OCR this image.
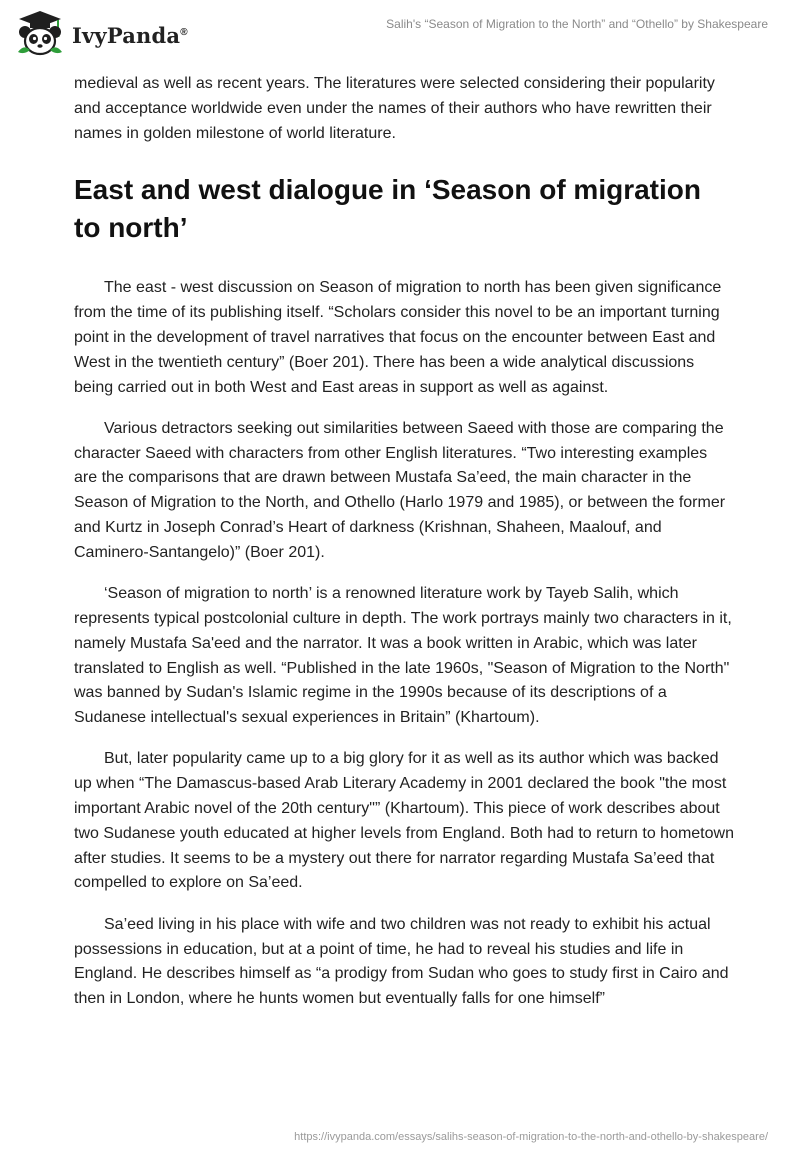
IvyPanda®
Salih's “Season of Migration to the North” and “Othello” by Shakespeare

medieval as well as recent years. The literatures were selected considering their popularity and acceptance worldwide even under the names of their authors who have rewritten their names in golden milestone of world literature.

East and west dialogue in ‘Season of migration to north’

The east - west discussion on Season of migration to north has been given significance from the time of its publishing itself. “Scholars consider this novel to be an important turning point in the development of travel narratives that focus on the encounter between East and West in the twentieth century” (Boer 201). There has been a wide analytical discussions being carried out in both West and East areas in support as well as against.

Various detractors seeking out similarities between Saeed with those are comparing the character Saeed with characters from other English literatures. “Two interesting examples are the comparisons that are drawn between Mustafa Sa’eed, the main character in the Season of Migration to the North, and Othello (Harlo 1979 and 1985), or between the former and Kurtz in Joseph Conrad’s Heart of darkness (Krishnan, Shaheen, Maalouf, and Caminero-Santangelo)” (Boer 201).

‘Season of migration to north’ is a renowned literature work by Tayeb Salih, which represents typical postcolonial culture in depth. The work portrays mainly two characters in it, namely Mustafa Sa'eed and the narrator. It was a book written in Arabic, which was later translated to English as well. “Published in the late 1960s, "Season of Migration to the North" was banned by Sudan's Islamic regime in the 1990s because of its descriptions of a Sudanese intellectual's sexual experiences in Britain” (Khartoum).

But, later popularity came up to a big glory for it as well as its author which was backed up when “The Damascus-based Arab Literary Academy in 2001 declared the book "the most important Arabic novel of the 20th century"” (Khartoum). This piece of work describes about two Sudanese youth educated at higher levels from England. Both had to return to hometown after studies. It seems to be a mystery out there for narrator regarding Mustafa Sa’eed that compelled to explore on Sa’eed.

Sa’eed living in his place with wife and two children was not ready to exhibit his actual possessions in education, but at a point of time, he had to reveal his studies and life in England. He describes himself as “a prodigy from Sudan who goes to study first in Cairo and then in London, where he hunts women but eventually falls for one himself”

https://ivypanda.com/essays/salihs-season-of-migration-to-the-north-and-othello-by-shakespeare/
